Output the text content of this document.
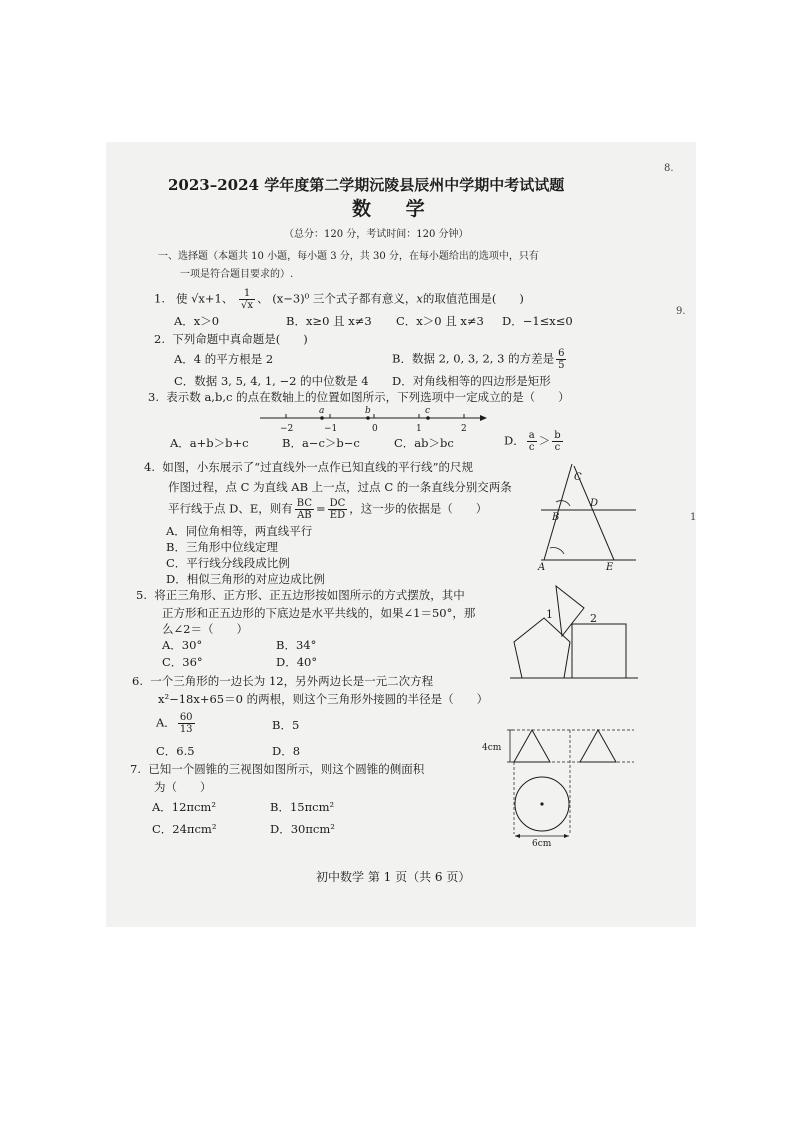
2023–2024 学年度第二学期沅陵县辰州中学期中考试试题
数 学
（总分：120 分，考试时间：120 分钟）
一、选择题（本题共 10 小题，每小题 3 分，共 30 分，在每小题给出的选项中，只有
一项是符合题目要求的）.
1. 使 √x+1、 $\frac{1}{√x}$ 、 (x−3)⁰ 三个式子都有意义，x的取值范围是(　　)
A．x＞0	B．x≥0 且 x≠3 C．x＞0 且 x≠3 D．−1≤x≤0
2. 下列命题中真命题是(　　)
A．4 的平方根是 2	B．数据 2, 0, 3, 2, 3 的方差是 $\frac{6}{5}$
C．数据 3, 5, 4, 1, −2 的中位数是 4 D．对角线相等的四边形是矩形
3. 表示数 a,b,c 的点在数轴上的位置如图所示，下列选项中一定成立的是（　　）
−2	−1	0	1	2
a	b	c
A．a+b＞b+c	B．a−c＞b−c	C．ab＞bc	D． $\frac{a}{c} > \frac{b}{c}$
4. 如图，小东展示了“过直线外一点作已知直线的平行线”的尺规
作图过程，点 C 为直线 AB 上一点，过点 C 的一条直线分别交两条
平行线于点 D、E，则有 $\frac{BC}{AB} = \frac{DC}{ED}$ ，这一步的依据是（　　）
A．同位角相等，两直线平行
B．三角形中位线定理
C．平行线分线段成比例
D．相似三角形的对应边成比例
C
D
B
A	E
5. 将正三角形、正方形、正五边形按如图所示的方式摆放，其中
正方形和正五边形的下底边是水平共线的，如果∠1＝50°，那
么∠2＝（　　）
A．30°	B．34°
C．36°	D．40°
1	2
6. 一个三角形的一边长为 12，另外两边长是一元二次方程
x²−18x+65＝0 的两根，则这个三角形外接圆的半径是（　　）
A． $\frac{60}{13}$	B．5
C．6.5	D．8
7. 已知一个圆锥的三视图如图所示，则这个圆锥的侧面积
为（　　）
A．12πcm²	B．15πcm²
C．24πcm²	D．30πcm²
4cm
6cm
初中数学 第 1 页（共 6 页）
8.
9.
1
